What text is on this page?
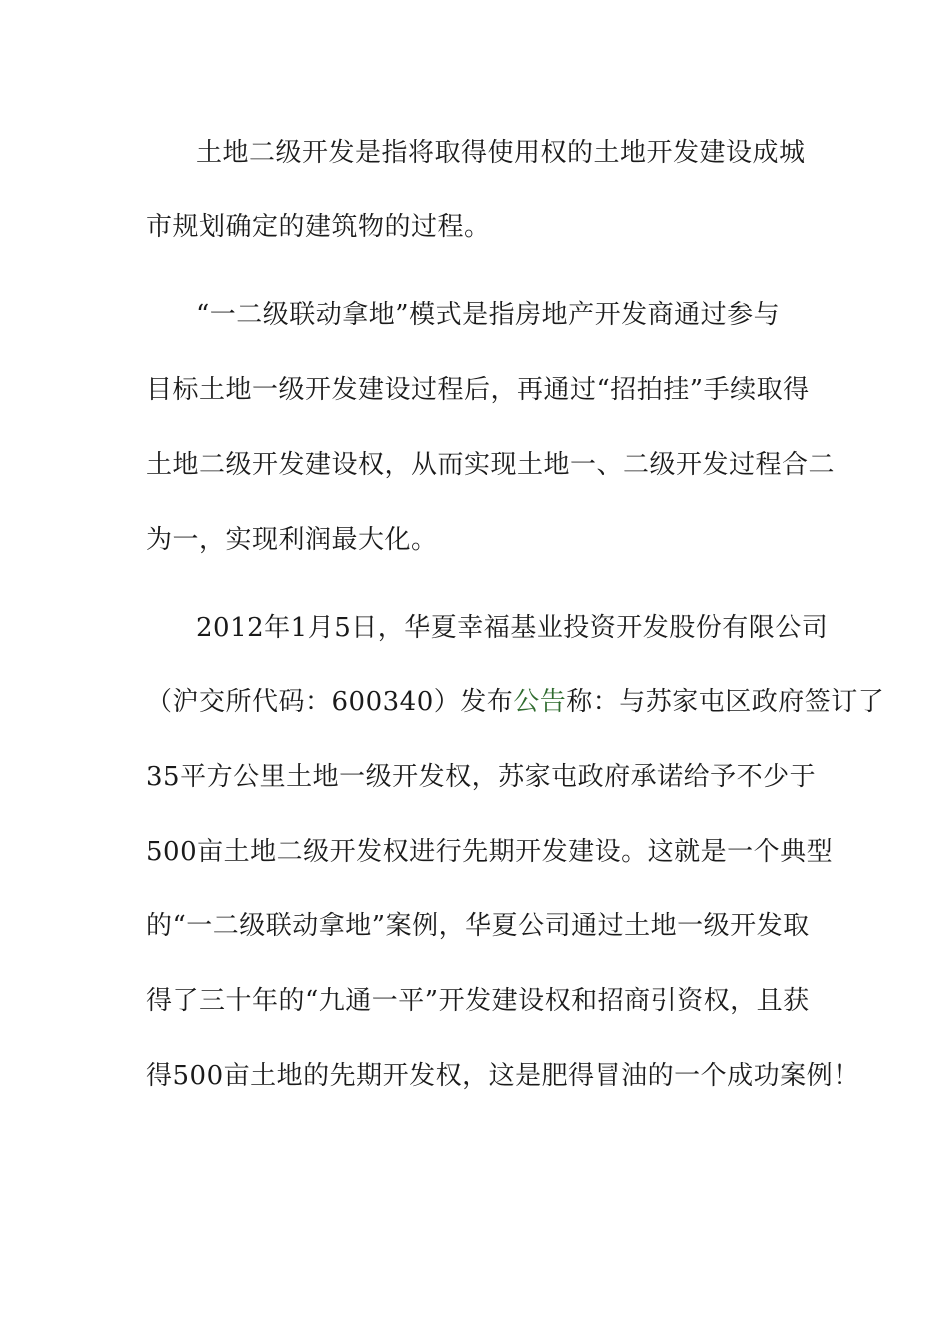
土地二级开发是指将取得使用权的土地开发建设成城
市规划确定的建筑物的过程。
“一二级联动拿地”模式是指房地产开发商通过参与
目标土地一级开发建设过程后，再通过“招拍挂”手续取得
土地二级开发建设权，从而实现土地一、二级开发过程合二
为一，实现利润最大化。
2012年1月5日，华夏幸福基业投资开发股份有限公司
（沪交所代码：600340）发布公告称：与苏家屯区政府签订了
35平方公里土地一级开发权，苏家屯政府承诺给予不少于
500亩土地二级开发权进行先期开发建设。这就是一个典型
的“一二级联动拿地”案例，华夏公司通过土地一级开发取
得了三十年的“九通一平”开发建设权和招商引资权，且获
得500亩土地的先期开发权，这是肥得冒油的一个成功案例！
